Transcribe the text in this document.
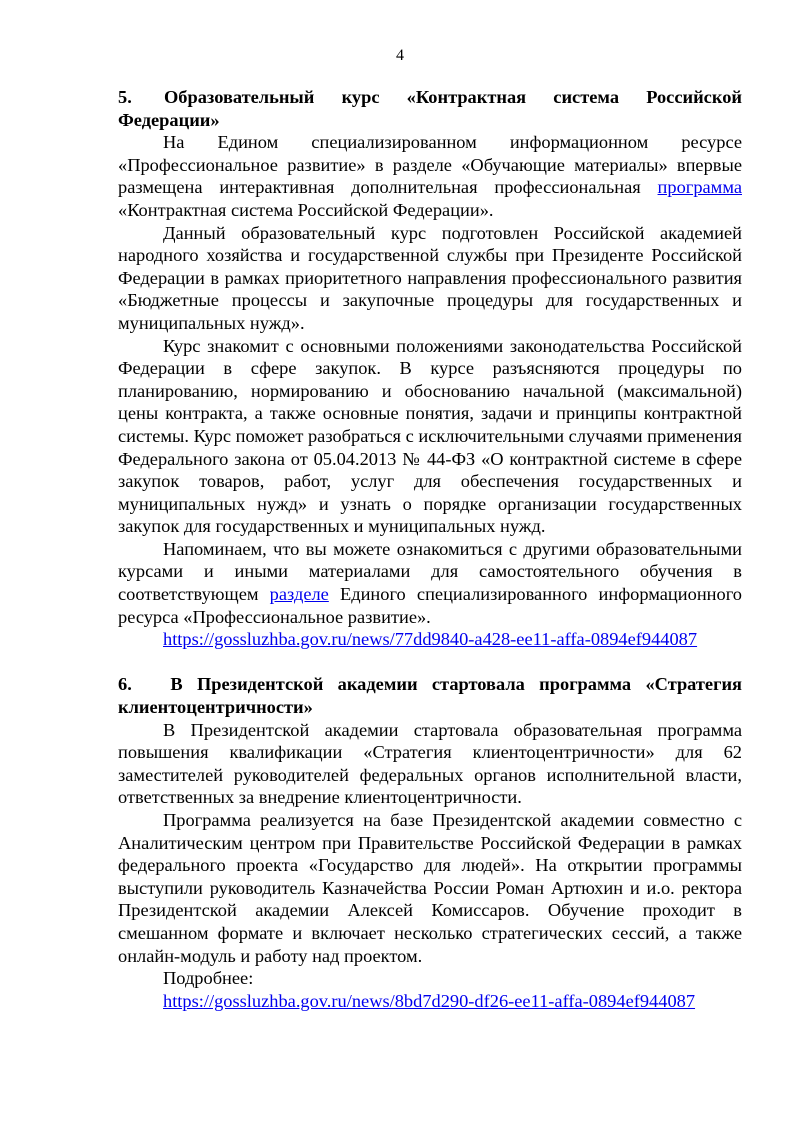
4

5. Образовательный курс «Контрактная система Российской Федерации»

На Едином специализированном информационном ресурсе «Профессиональное развитие» в разделе «Обучающие материалы» впервые размещена интерактивная дополнительная профессиональная программа «Контрактная система Российской Федерации».

Данный образовательный курс подготовлен Российской академией народного хозяйства и государственной службы при Президенте Российской Федерации в рамках приоритетного направления профессионального развития «Бюджетные процессы и закупочные процедуры для государственных и муниципальных нужд».

Курс знакомит с основными положениями законодательства Российской Федерации в сфере закупок. В курсе разъясняются процедуры по планированию, нормированию и обоснованию начальной (максимальной) цены контракта, а также основные понятия, задачи и принципы контрактной системы. Курс поможет разобраться с исключительными случаями применения Федерального закона от 05.04.2013 № 44-ФЗ «О контрактной системе в сфере закупок товаров, работ, услуг для обеспечения государственных и муниципальных нужд» и узнать о порядке организации государственных закупок для государственных и муниципальных нужд.

Напоминаем, что вы можете ознакомиться с другими образовательными курсами и иными материалами для самостоятельного обучения в соответствующем разделе Единого специализированного информационного ресурса «Профессиональное развитие».

https://gossluzhba.gov.ru/news/77dd9840-a428-ee11-affa-0894ef944087

6. В Президентской академии стартовала программа «Стратегия клиентоцентричности»

В Президентской академии стартовала образовательная программа повышения квалификации «Стратегия клиентоцентричности» для 62 заместителей руководителей федеральных органов исполнительной власти, ответственных за внедрение клиентоцентричности.

Программа реализуется на базе Президентской академии совместно с Аналитическим центром при Правительстве Российской Федерации в рамках федерального проекта «Государство для людей». На открытии программы выступили руководитель Казначейства России Роман Артюхин и и.о. ректора Президентской академии Алексей Комиссаров. Обучение проходит в смешанном формате и включает несколько стратегических сессий, а также онлайн-модуль и работу над проектом.

Подробнее:

https://gossluzhba.gov.ru/news/8bd7d290-df26-ee11-affa-0894ef944087
